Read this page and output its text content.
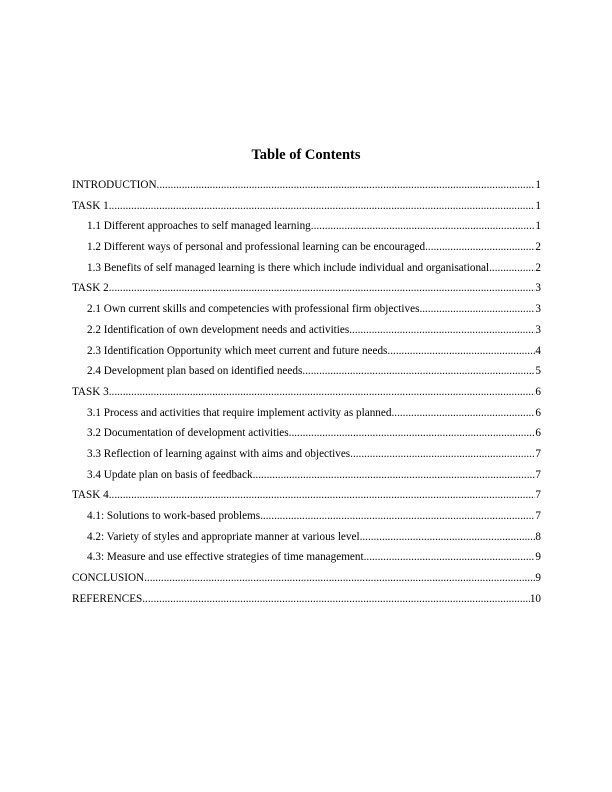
Table of Contents
INTRODUCTION .....	1
TASK 1 .....	1
1.1 Different approaches to self managed learning .....	1
1.2 Different ways of personal and professional learning can be encouraged .....	2
1.3 Benefits of self managed learning is there which include individual and organisational. .....	2
TASK 2 .....	3
2.1 Own current skills and competencies with professional firm objectives .....	3
2.2 Identification of own development needs and activities .....	3
2.3 Identification Opportunity which meet current and future needs .....	4
2.4 Development plan based on identified needs .....	5
TASK 3 .....	6
3.1 Process and activities that require implement activity as planned .....	6
3.2 Documentation of development activities .....	6
3.3 Reflection of learning against with aims and objectives .....	7
3.4 Update plan on basis of feedback .....	7
TASK 4 .....	7
4.1: Solutions to work-based problems .....	7
4.2: Variety of styles and appropriate manner at various level .....	8
4.3: Measure and use effective strategies of time management .....	9
CONCLUSION .....	9
REFERENCES .....	10
